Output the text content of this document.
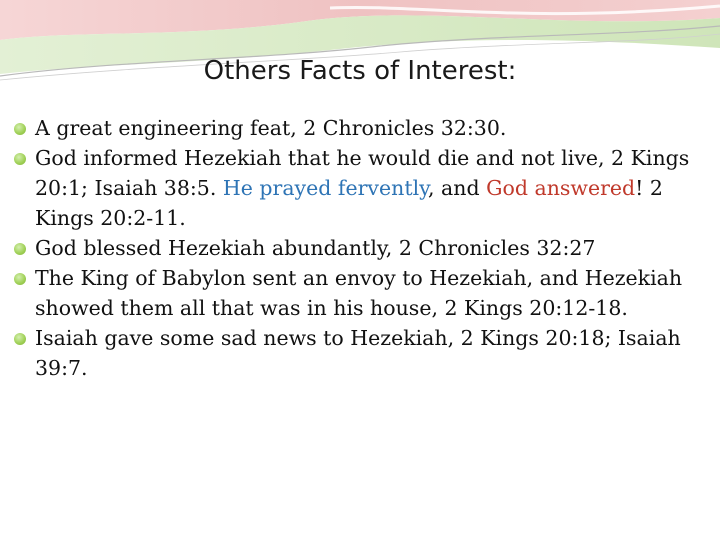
Others Facts of Interest:
A great engineering feat, 2 Chronicles 32:30.
God informed Hezekiah that he would die and not live, 2 Kings 20:1; Isaiah 38:5. He prayed fervently, and God answered! 2 Kings 20:2-11.
God blessed Hezekiah abundantly, 2 Chronicles 32:27
The King of Babylon sent an envoy to Hezekiah, and Hezekiah showed them all that was in his house, 2 Kings 20:12-18.
Isaiah gave some sad news to Hezekiah, 2 Kings 20:18; Isaiah 39:7.
